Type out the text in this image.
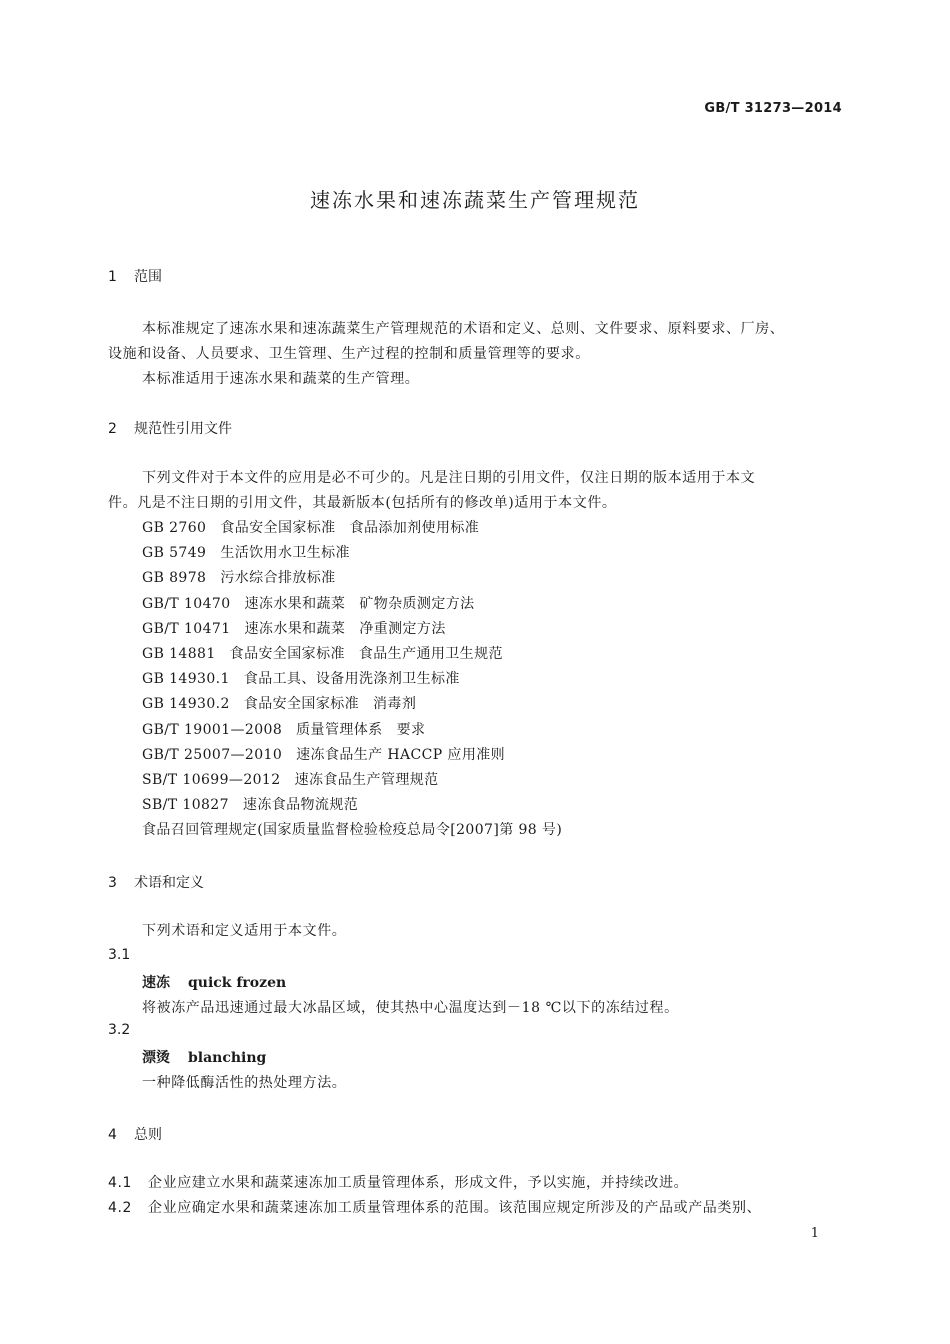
GB/T 31273—2014
速冻水果和速冻蔬菜生产管理规范
1 范围
本标准规定了速冻水果和速冻蔬菜生产管理规范的术语和定义、总则、文件要求、原料要求、厂房、
设施和设备、人员要求、卫生管理、生产过程的控制和质量管理等的要求。
本标准适用于速冻水果和蔬菜的生产管理。
2 规范性引用文件
下列文件对于本文件的应用是必不可少的。凡是注日期的引用文件，仅注日期的版本适用于本文
件。凡是不注日期的引用文件，其最新版本(包括所有的修改单)适用于本文件。
GB 2760 食品安全国家标准 食品添加剂使用标准
GB 5749 生活饮用水卫生标准
GB 8978 污水综合排放标准
GB/T 10470 速冻水果和蔬菜 矿物杂质测定方法
GB/T 10471 速冻水果和蔬菜 净重测定方法
GB 14881 食品安全国家标准 食品生产通用卫生规范
GB 14930.1 食品工具、设备用洗涤剂卫生标准
GB 14930.2 食品安全国家标准 消毒剂
GB/T 19001—2008 质量管理体系 要求
GB/T 25007—2010 速冻食品生产 HACCP 应用准则
SB/T 10699—2012 速冻食品生产管理规范
SB/T 10827 速冻食品物流规范
食品召回管理规定(国家质量监督检验检疫总局令[2007]第 98 号)
3 术语和定义
下列术语和定义适用于本文件。
3.1
速冻 quick frozen
将被冻产品迅速通过最大冰晶区域，使其热中心温度达到－18 ℃以下的冻结过程。
3.2
漂烫 blanching
一种降低酶活性的热处理方法。
4 总则
4.1 企业应建立水果和蔬菜速冻加工质量管理体系，形成文件，予以实施，并持续改进。
4.2 企业应确定水果和蔬菜速冻加工质量管理体系的范围。该范围应规定所涉及的产品或产品类别、
1
